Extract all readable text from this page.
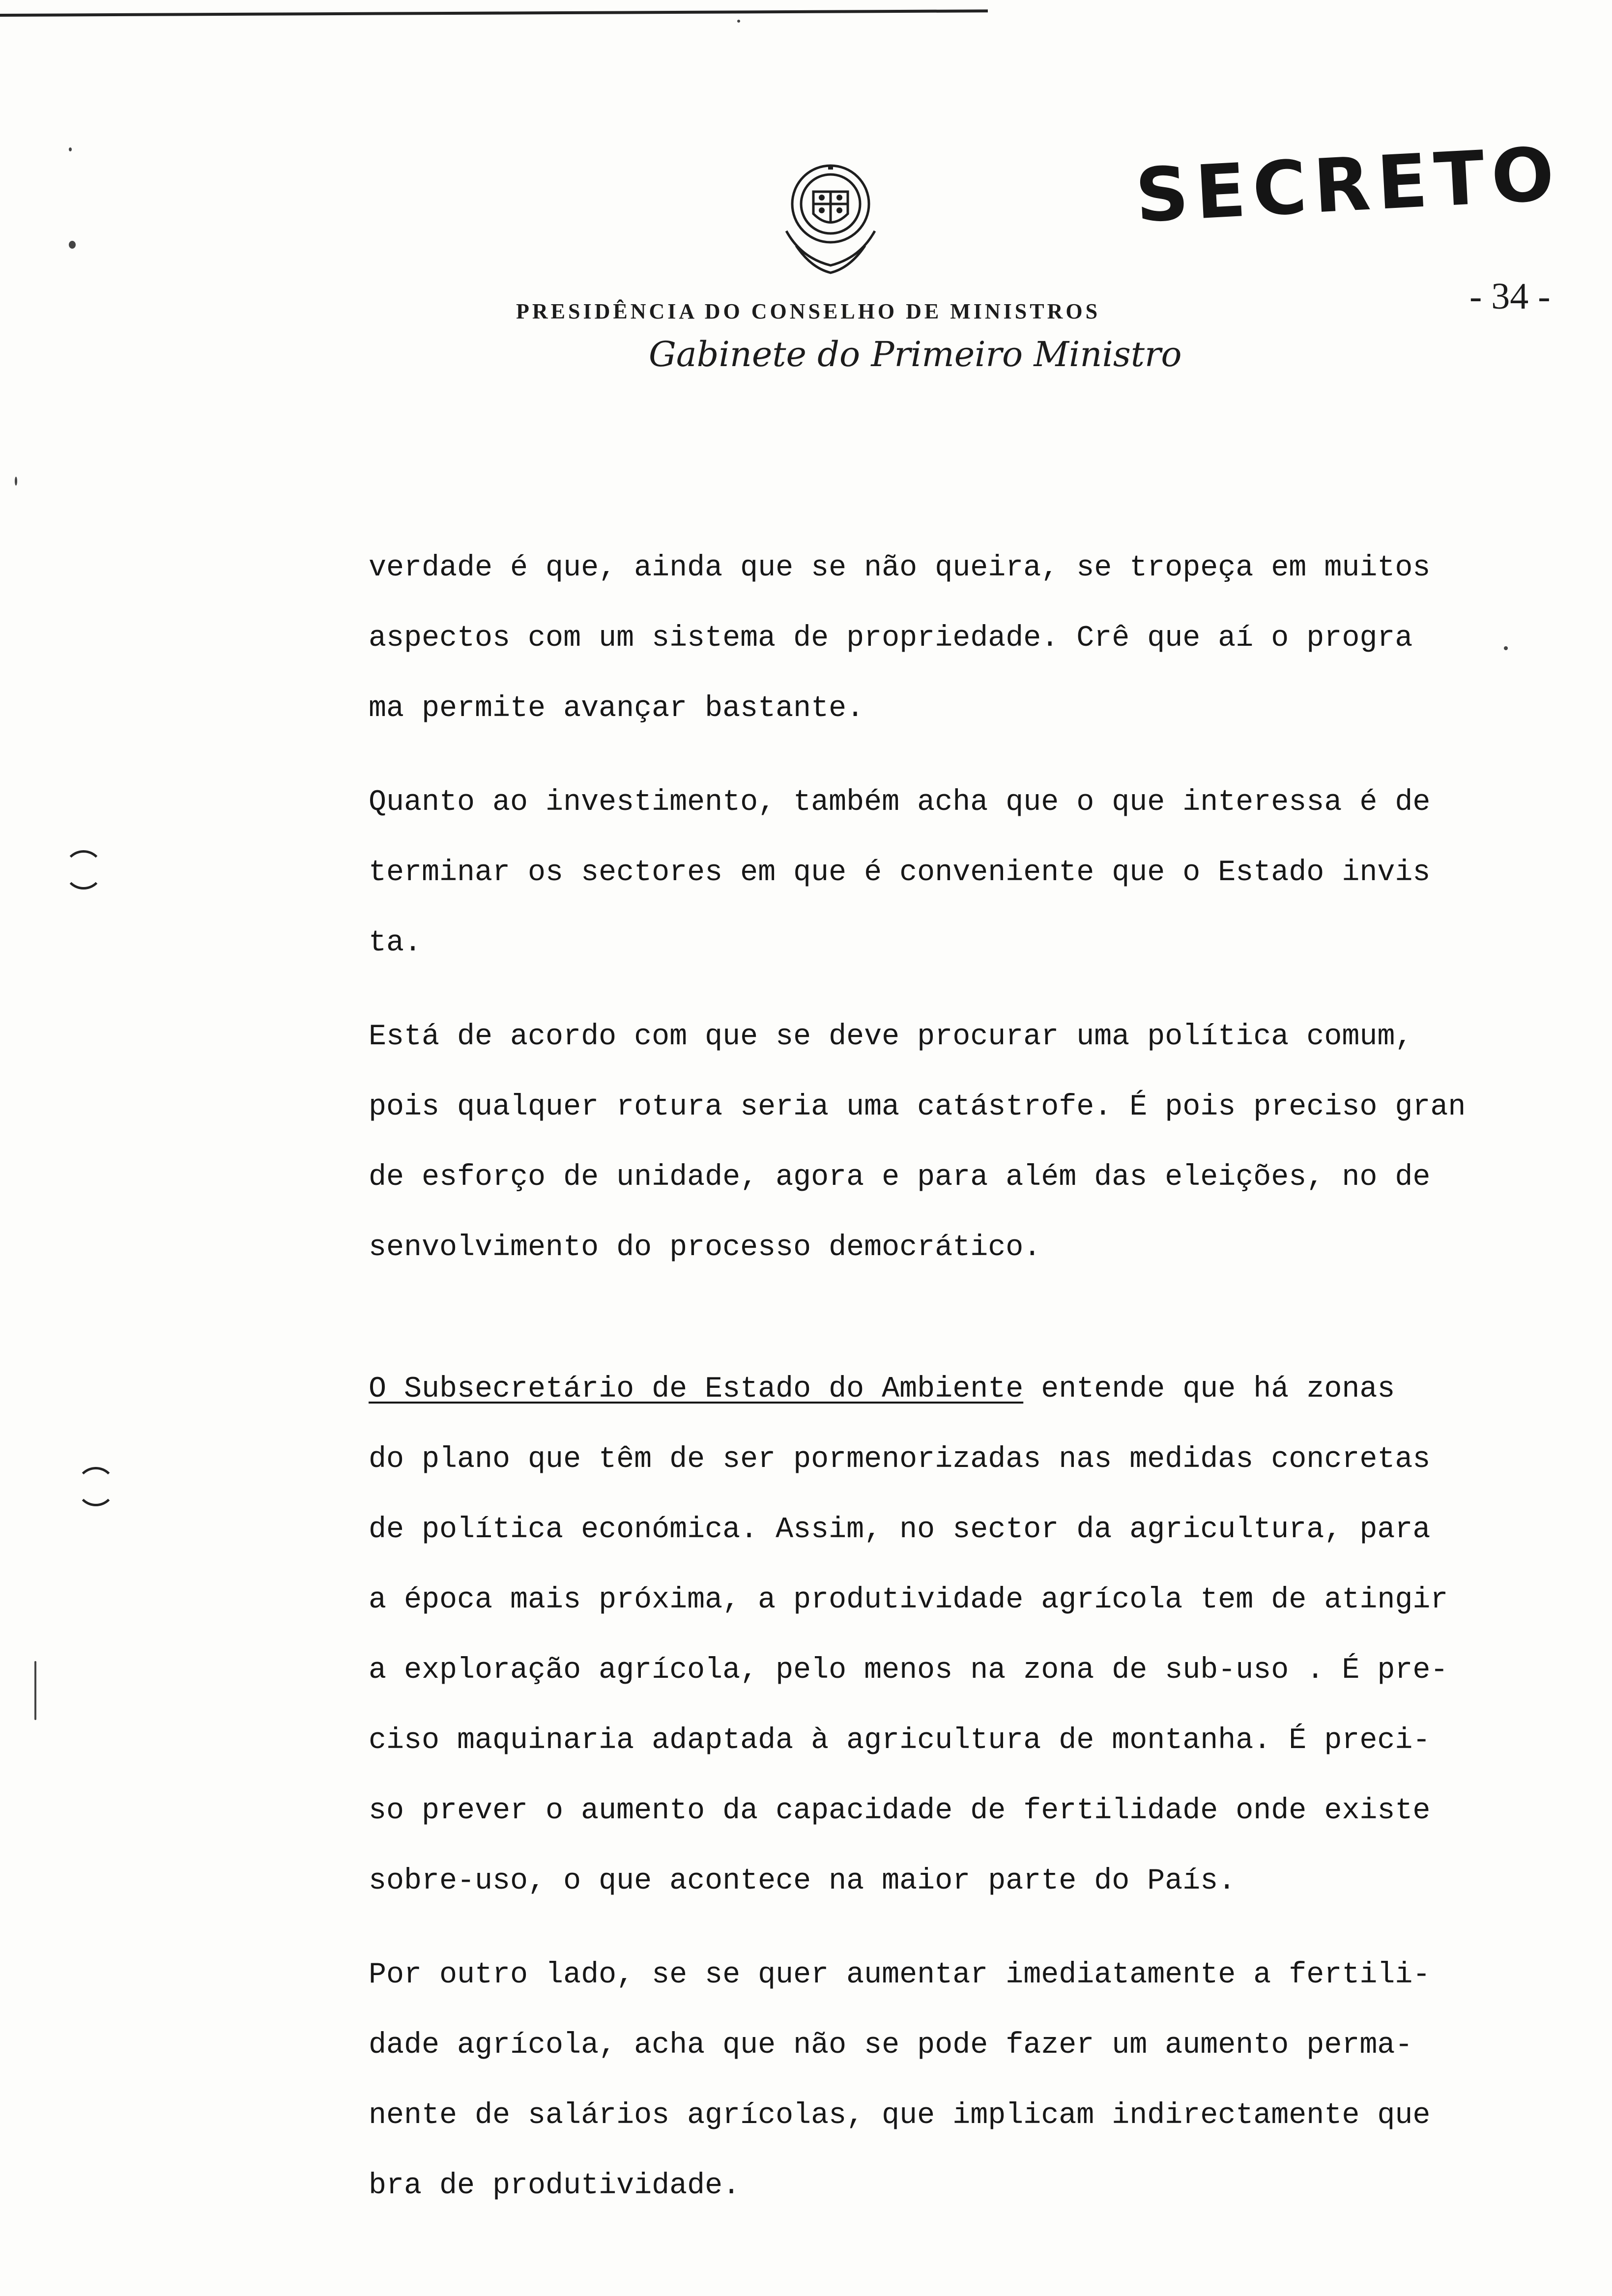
SECRETO
- 34 -
PRESIDÊNCIA DO CONSELHO DE MINISTROS
Gabinete do Primeiro Ministro
verdade é que, ainda que se não queira, se tropeça em muitos
aspectos com um sistema de propriedade. Crê que aí o progra
ma permite avançar bastante.
Quanto ao investimento, também acha que o que interessa é de
terminar os sectores em que é conveniente que o Estado invis
ta.
Está de acordo com que se deve procurar uma política comum,
pois qualquer rotura seria uma catástrofe. É pois preciso gran
de esforço de unidade, agora e para além das eleições, no de
senvolvimento do processo democrático.
O Subsecretário de Estado do Ambiente entende que há zonas
do plano que têm de ser pormenorizadas nas medidas concretas
de política económica. Assim, no sector da agricultura, para
a época mais próxima, a produtividade agrícola tem de atingir
a exploração agrícola, pelo menos na zona de sub-uso . É pre-
ciso maquinaria adaptada à agricultura de montanha. É preci-
so prever o aumento da capacidade de fertilidade onde existe
sobre-uso, o que acontece na maior parte do País.
Por outro lado, se se quer aumentar imediatamente a fertili-
dade agrícola, acha que não se pode fazer um aumento perma-
nente de salários agrícolas, que implicam indirectamente que
bra de produtividade.
